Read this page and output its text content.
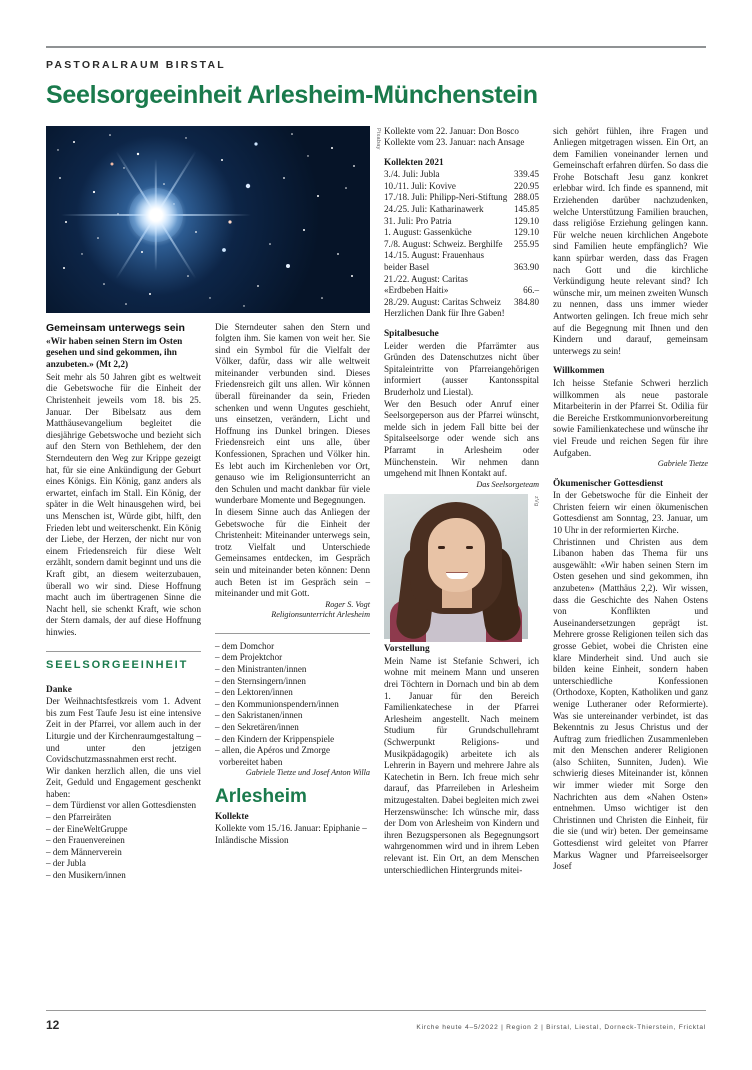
PASTORALRAUM BIRSTAL
Seelsorgeeinheit Arlesheim-Münchenstein
Pixabay
Gemeinsam unterwegs sein

«Wir haben seinen Stern im Osten gesehen und sind gekommen, ihn anzubeten.» (Mt 2,2)

Seit mehr als 50 Jahren gibt es weltweit die Gebetswoche für die Einheit der Christenheit jeweils vom 18. bis 25. Januar. Der Bibelsatz aus dem Matthäusevangelium begleitet die diesjährige Gebetswoche und bezieht sich auf den Stern von Bethlehem, der den Sterndeutern den Weg zur Krippe gezeigt hat, für sie eine Ankündigung der Geburt eines Königs. Ein König, ganz anders als erwartet, einfach im Stall. Ein König, der später in die Welt hinausgehen wird, bei uns Menschen ist, Würde gibt, hilft, den Frieden lebt und weiterschenkt. Ein König der Liebe, der Herzen, der nicht nur von einem Friedensreich für diese Welt erzählt, sondern damit beginnt und uns die Kraft gibt, an diesem weiterzubauen, überall wo wir sind. Diese Hoffnung macht auch im übertragenen Sinne die Nacht hell, sie schenkt Kraft, wie schon der Stern damals, der auf diese Hoffnung hinwies.

SEELSORGEEINHEIT
Danke

Der Weihnachtsfestkreis vom 1. Advent bis zum Fest Taufe Jesu ist eine intensive Zeit in der Pfarrei, vor allem auch in der Liturgie und der Kirchenraumgestaltung – und unter den jetzigen Covidschutzmassnahmen erst recht.

Wir danken herzlich allen, die uns viel Zeit, Geduld und Engagement geschenkt haben:

– dem Türdienst vor allen Gottesdiensten
– den Pfarreiräten
– der EineWeltGruppe
– den Frauenvereinen
– dem Männerverein
– der Jubla
– den Musikern/innen

Die Sterndeuter sahen den Stern und folgten ihm. Sie kamen von weit her. Sie sind ein Symbol für die Vielfalt der Völker, dafür, dass wir alle weltweit miteinander verbunden sind. Dieses Friedensreich gilt uns allen. Wir können überall füreinander da sein, Frieden schenken und wenn Ungutes geschieht, uns einsetzen, verändern, Licht und Hoffnung ins Dunkel bringen. Dieses Friedensreich eint uns alle, über Konfessionen, Sprachen und Völker hin. Es lebt auch im Kirchenleben vor Ort, genauso wie im Religionsunterricht an den Schulen und macht dankbar für viele wunderbare Momente und Begegnungen.

In diesem Sinne auch das Anliegen der Gebetswoche für die Einheit der Christenheit: Miteinander unterwegs sein, trotz Vielfalt und Unterschiede Gemeinsames entdecken, im Gespräch sein und miteinander beten können: Denn auch Beten ist im Gespräch sein – miteinander und mit Gott.

Roger S. Vogt
Religionsunterricht Arlesheim
– dem Domchor
– dem Projektchor
– den Ministranten/innen
– den Sternsingern/innen
– den Lektoren/innen
– den Kommunionspendern/innen
– den Sakristanen/innen
– den Sekretären/innen
– den Kindern der Krippenspiele
– allen, die Apéros und Zmorge vorbereitet haben
Gabriele Tietze und Josef Anton Willa
Arlesheim
Kollekte

Kollekte vom 15./16. Januar: Epiphanie – Inländische Mission

Kollekte vom 22. Januar: Don Bosco

Kollekte vom 23. Januar: nach Ansage

Kollekten 2021
3./4. Juli: Jubla	339.45
10./11. Juli: Kovive	220.95
17./18. Juli: Philipp-Neri-Stiftung	288.05
24./25. Juli: Katharinawerk	145.85
31. Juli: Pro Patria	129.10
1. August: Gassenküche	129.10
7./8. August: Schweiz. Berghilfe	255.95
14./15. August: Frauenhaus	
beider Basel	363.90
21./22. August: Caritas	
«Erdbeben Haiti»	66.–
28./29. August: Caritas Schweiz	384.80

Herzlichen Dank für Ihre Gaben!

Spitalbesuche

Leider werden die Pfarrämter aus Gründen des Datenschutzes nicht über Spitaleintritte von Pfarreiangehörigen informiert (ausser Kantonsspital Bruderholz und Liestal).

Wer den Besuch oder Anruf einer Seelsorgeperson aus der Pfarrei wünscht, melde sich in jedem Fall bitte bei der Spitalseelsorge oder wende sich ans Pfarramt in Arlesheim oder Münchenstein. Wir nehmen dann umgehend mit Ihnen Kontakt auf.

Das Seelsorgeteam
zVg
Vorstellung

Mein Name ist Stefanie Schweri, ich wohne mit meinem Mann und unseren drei Töchtern in Dornach und bin ab dem 1. Januar für den Bereich Familienkatechese in der Pfarrei Arlesheim angestellt. Nach meinem Studium für Grundschullehramt (Schwerpunkt Religions- und Musikpädagogik) arbeitete ich als Lehrerin in Bayern und mehrere Jahre als Katechetin in Bern. Ich freue mich sehr darauf, das Pfarreileben in Arlesheim mitzugestalten. Dabei begleiten mich zwei Herzenswünsche: Ich wünsche mir, dass der Dom von Arlesheim von Kindern und ihren Bezugspersonen als Begegnungsort wahrgenommen wird und in ihrem Leben relevant ist. Ein Ort, an dem Menschen unterschiedlichen Hintergrunds mitei-

sich gehört fühlen, ihre Fragen und Anliegen mitgetragen wissen. Ein Ort, an dem Familien voneinander lernen und Gemeinschaft erfahren dürfen. So dass die Frohe Botschaft Jesu ganz konkret erlebbar wird. Ich finde es spannend, mit Erziehenden darüber nachzudenken, welche Unterstützung Familien brauchen, dass religiöse Erziehung gelingen kann. Für welche neuen kirchlichen Angebote sind Familien heute empfänglich? Wie kann spürbar werden, dass das Fragen nach Gott und die kirchliche Verkündigung heute relevant sind? Ich wünsche mir, um meinen zweiten Wunsch zu nennen, dass uns immer wieder Antworten gelingen. Ich freue mich sehr auf die Begegnung mit Ihnen und den Kindern und darauf, gemeinsam unterwegs zu sein!

Willkommen

Ich heisse Stefanie Schweri herzlich willkommen als neue pastorale Mitarbeiterin in der Pfarrei St. Odilia für die Bereiche Erstkommunionvorbereitung sowie Familienkatechese und wünsche ihr viel Freude und reichen Segen für ihre Aufgaben.

Gabriele Tietze
Ökumenischer Gottesdienst

In der Gebetswoche für die Einheit der Christen feiern wir einen ökumenischen Gottesdienst am Sonntag, 23. Januar, um 10 Uhr in der reformierten Kirche.

Christinnen und Christen aus dem Libanon haben das Thema für uns ausgewählt: «Wir haben seinen Stern im Osten gesehen und sind gekommen, ihn anzubeten» (Matthäus 2,2). Wir wissen, dass die Geschichte des Nahen Ostens von Konflikten und Auseinandersetzungen geprägt ist. Mehrere grosse Religionen teilen sich das grosse Gebiet, wobei die Christen eine klare Minderheit sind. Und auch sie bilden keine Einheit, sondern haben unterschiedliche Konfessionen (Orthodoxe, Kopten, Katholiken und ganz wenige Lutheraner oder Reformierte). Was sie untereinander verbindet, ist das Bekenntnis zu Jesus Christus und der Auftrag zum friedlichen Zusammenleben mit den Menschen anderer Religionen (also Schiiten, Sunniten, Juden). Wie schwierig dieses Miteinander ist, können wir immer wieder mit Sorge den Nachrichten aus dem «Nahen Osten» entnehmen. Umso wichtiger ist den Christinnen und Christen die Einheit, für die sie (und wir) beten. Der gemeinsame Gottesdienst wird geleitet von Pfarrer Markus Wagner und Pfarreiseelsorger Josef

12	Kirche heute 4–5/2022 | Region 2 | Birstal, Liestal, Dorneck-Thierstein, Fricktal
